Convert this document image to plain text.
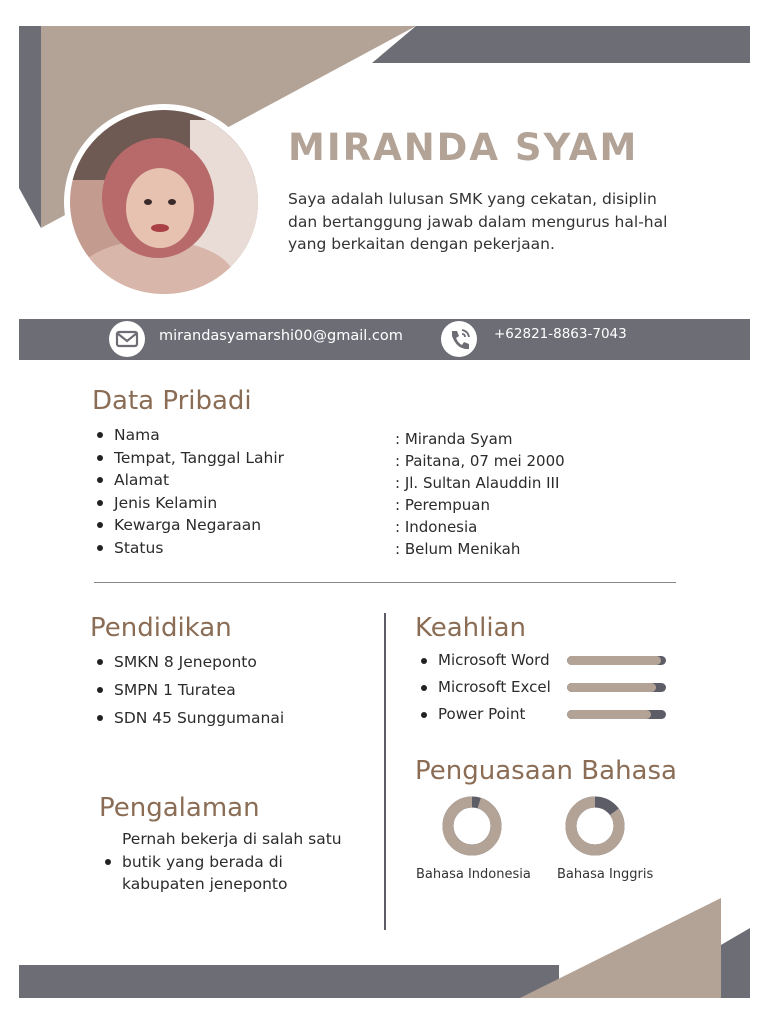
MIRANDA SYAM
Saya adalah lulusan SMK yang cekatan, disiplin dan bertanggung jawab dalam mengurus hal-hal yang berkaitan dengan pekerjaan.
mirandasyamarshi00@gmail.com	+62821-8863-7043
Data Pribadi
Nama
Tempat, Tanggal Lahir
Alamat
Jenis Kelamin
Kewarga Negaraan
Status
: Miranda Syam
: Paitana, 07 mei 2000
: Jl. Sultan Alauddin III
: Perempuan
: Indonesia
: Belum Menikah
Pendidikan
SMKN 8 Jeneponto
SMPN 1 Turatea
SDN 45 Sunggumanai
Pengalaman
Pernah bekerja di salah satu butik yang berada di kabupaten jeneponto
Keahlian
Microsoft Word
Microsoft Excel
Power Point
Penguasaan Bahasa
Bahasa Indonesia Bahasa Inggris
